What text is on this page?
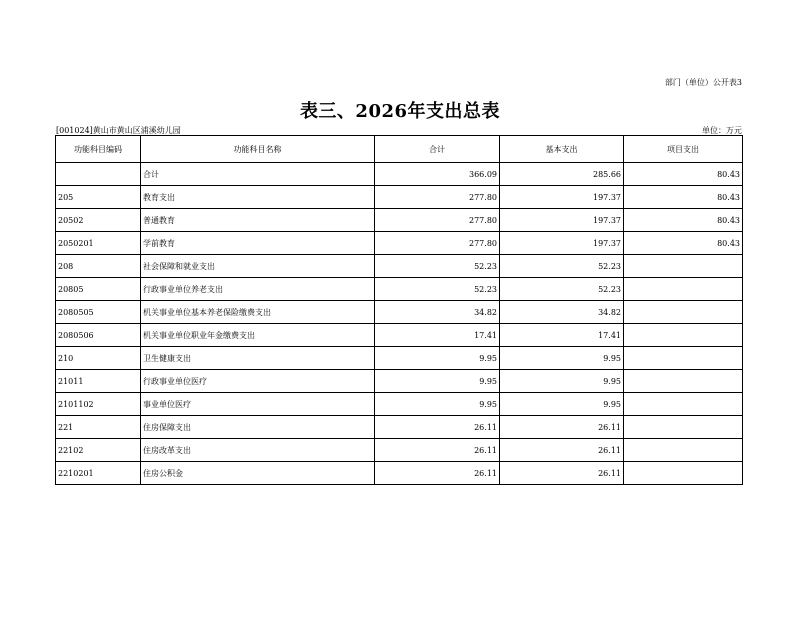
部门（单位）公开表3
表三、2026年支出总表
[001024]黄山市黄山区浦溪幼儿园	单位：万元
功能科目编码	功能科目名称	合计	基本支出	项目支出
	合计	366.09	285.66	80.43
205	教育支出	277.80	197.37	80.43
20502	普通教育	277.80	197.37	80.43
2050201	学前教育	277.80	197.37	80.43
208	社会保障和就业支出	52.23	52.23	
20805	行政事业单位养老支出	52.23	52.23	
2080505	机关事业单位基本养老保险缴费支出	34.82	34.82	
2080506	机关事业单位职业年金缴费支出	17.41	17.41	
210	卫生健康支出	9.95	9.95	
21011	行政事业单位医疗	9.95	9.95	
2101102	事业单位医疗	9.95	9.95	
221	住房保障支出	26.11	26.11	
22102	住房改革支出	26.11	26.11	
2210201	住房公积金	26.11	26.11	
